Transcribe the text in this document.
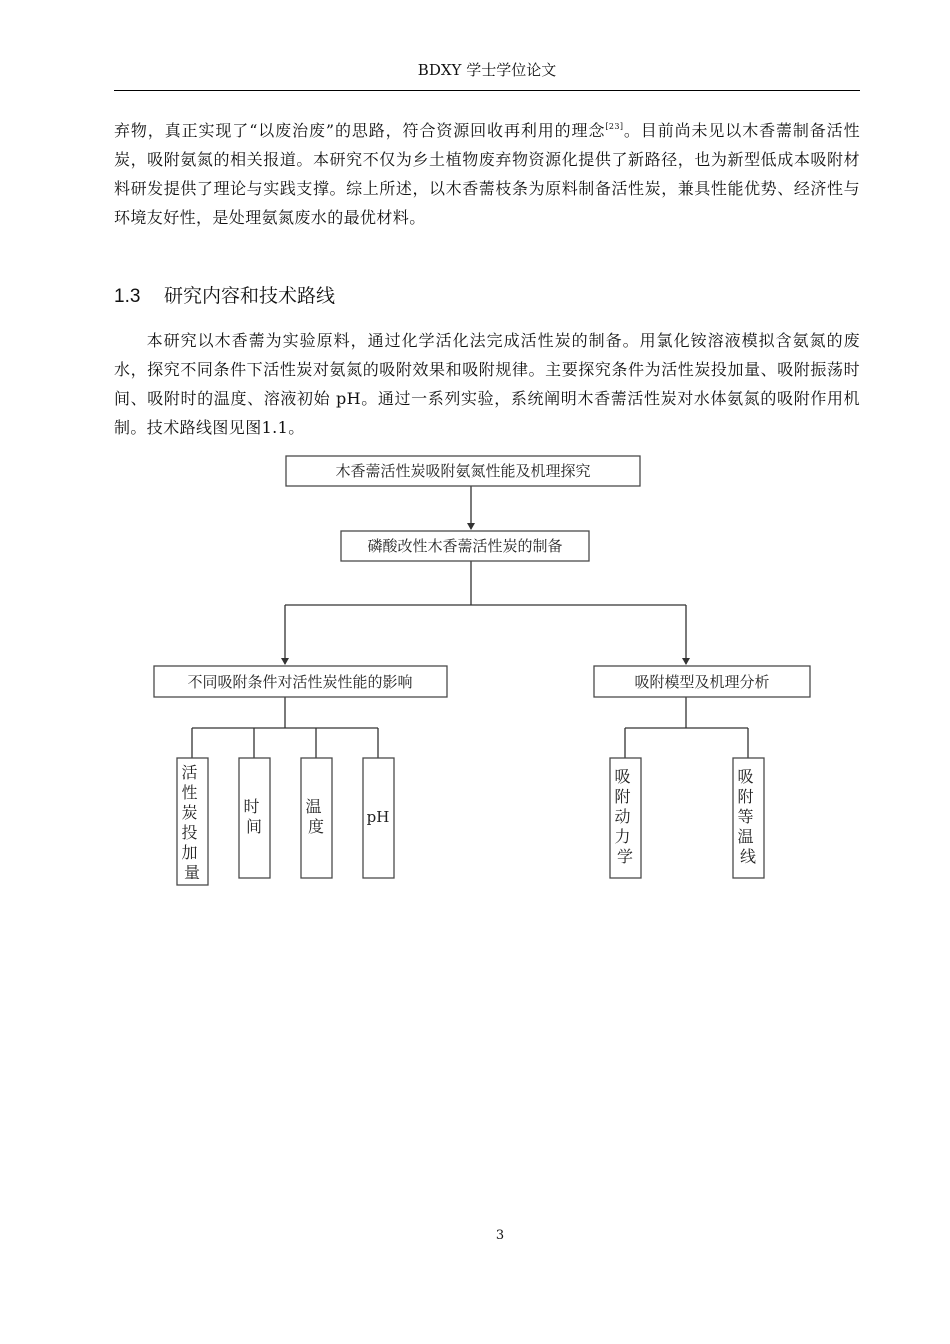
BDXY 学士学位论文

弃物，真正实现了“以废治废”的思路，符合资源回收再利用的理念[23]。目前尚未见以木香薷制备活性炭，吸附氨氮的相关报道。本研究不仅为乡土植物废弃物资源化提供了新路径，也为新型低成本吸附材料研发提供了理论与实践支撑。综上所述，以木香薷枝条为原料制备活性炭，兼具性能优势、经济性与环境友好性，是处理氨氮废水的最优材料。

1.3 研究内容和技术路线

本研究以木香薷为实验原料，通过化学活化法完成活性炭的制备。用氯化铵溶液模拟含氨氮的废水，探究不同条件下活性炭对氨氮的吸附效果和吸附规律。主要探究条件为活性炭投加量、吸附振荡时间、吸附时的温度、溶液初始 pH。通过一系列实验，系统阐明木香薷活性炭对水体氨氮的吸附作用机制。技术路线图见图1.1。

木香薷活性炭吸附氨氮性能及机理探究
磷酸改性木香薷活性炭的制备
不同吸附条件对活性炭性能的影响	吸附模型及机理分析
活 性 炭 投 加 量
时 间
温 度	pH
吸 附 动 力 学
吸 附 等 温 线
3
